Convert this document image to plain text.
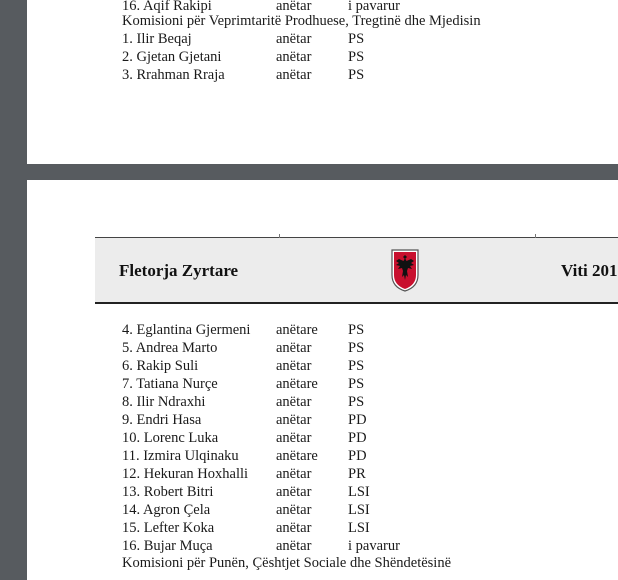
16. Aqif Rakipi	anëtar	i pavarur
Komisioni për Veprimtaritë Prodhuese, Tregtinë dhe Mjedisin
1. Ilir Beqaj	anëtar	PS
2. Gjetan Gjetani	anëtar	PS
3. Rrahman Rraja	anëtar	PS
Fletorja Zyrtare	Viti 201
4. Eglantina Gjermeni anëtare PS
5. Andrea Marto	anëtar	PS
6. Rakip Suli	anëtar	PS
7. Tatiana Nurçe	anëtare PS
8. Ilir Ndraxhi	anëtar	PS
9. Endri Hasa	anëtar	PD
10. Lorenc Luka	anëtar	PD
11. Izmira Ulqinaku	anëtare PD
12. Hekuran Hoxhalli anëtar	PR
13. Robert Bitri	anëtar	LSI
14. Agron Çela	anëtar	LSI
15. Lefter Koka	anëtar	LSI
16. Bujar Muça	anëtar	i pavarur
Komisioni për Punën, Çështjet Sociale dhe Shëndetësinë
